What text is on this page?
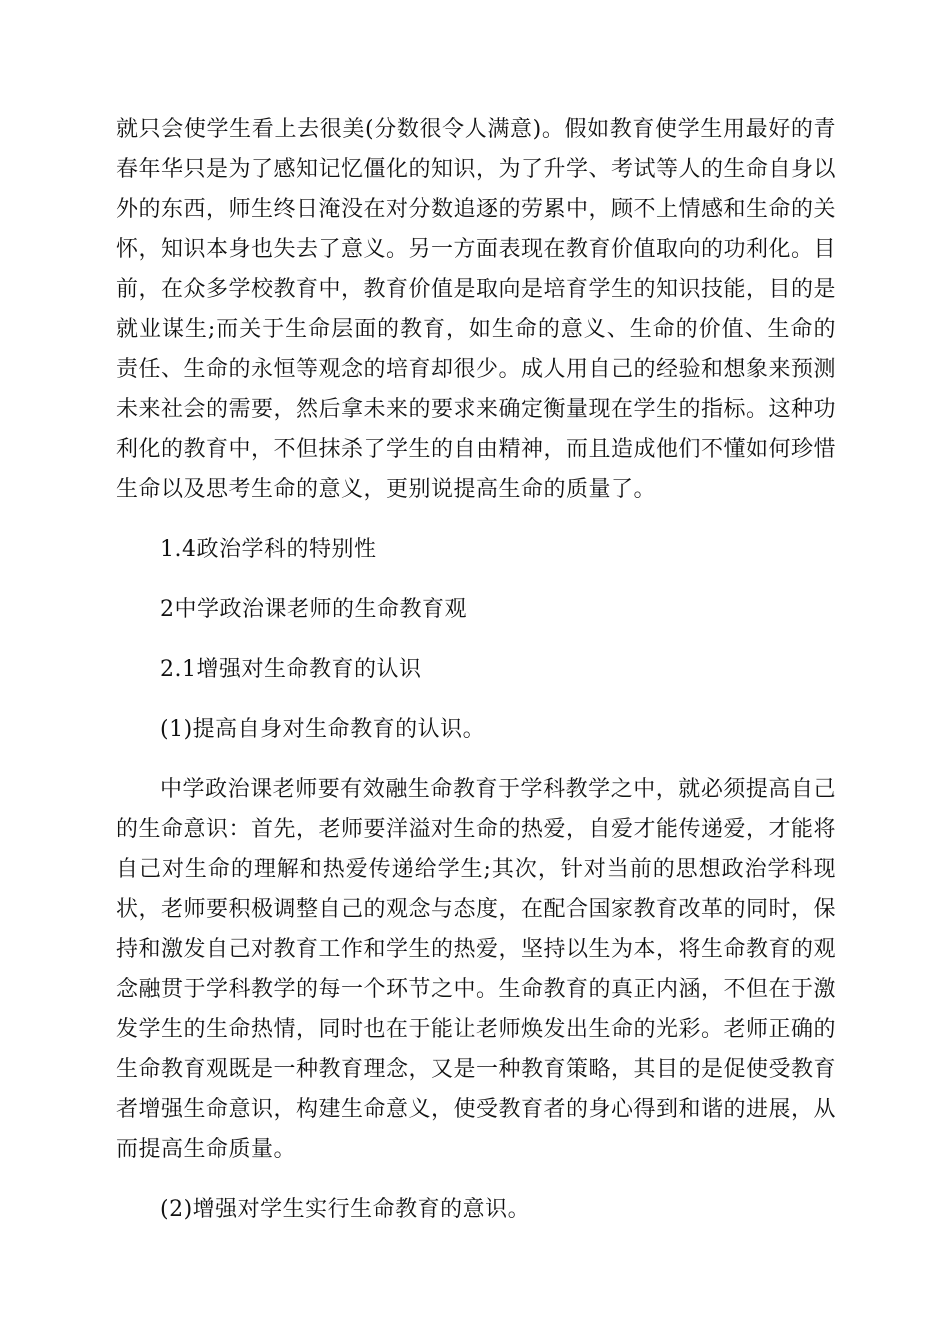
就只会使学生看上去很美(分数很令人满意)。假如教育使学生用最好的青春年华只是为了感知记忆僵化的知识，为了升学、考试等人的生命自身以外的东西，师生终日淹没在对分数追逐的劳累中，顾不上情感和生命的关怀，知识本身也失去了意义。另一方面表现在教育价值取向的功利化。目前，在众多学校教育中，教育价值是取向是培育学生的知识技能，目的是就业谋生;而关于生命层面的教育，如生命的意义、生命的价值、生命的责任、生命的永恒等观念的培育却很少。成人用自己的经验和想象来预测未来社会的需要，然后拿未来的要求来确定衡量现在学生的指标。这种功利化的教育中，不但抹杀了学生的自由精神，而且造成他们不懂如何珍惜生命以及思考生命的意义，更别说提高生命的质量了。

1.4政治学科的特别性

2中学政治课老师的生命教育观

2.1增强对生命教育的认识

(1)提高自身对生命教育的认识。

中学政治课老师要有效融生命教育于学科教学之中，就必须提高自己的生命意识：首先，老师要洋溢对生命的热爱，自爱才能传递爱，才能将自己对生命的理解和热爱传递给学生;其次，针对当前的思想政治学科现状，老师要积极调整自己的观念与态度，在配合国家教育改革的同时，保持和激发自己对教育工作和学生的热爱，坚持以生为本，将生命教育的观念融贯于学科教学的每一个环节之中。生命教育的真正内涵，不但在于激发学生的生命热情，同时也在于能让老师焕发出生命的光彩。老师正确的生命教育观既是一种教育理念，又是一种教育策略，其目的是促使受教育者增强生命意识，构建生命意义，使受教育者的身心得到和谐的进展，从而提高生命质量。

(2)增强对学生实行生命教育的意识。
